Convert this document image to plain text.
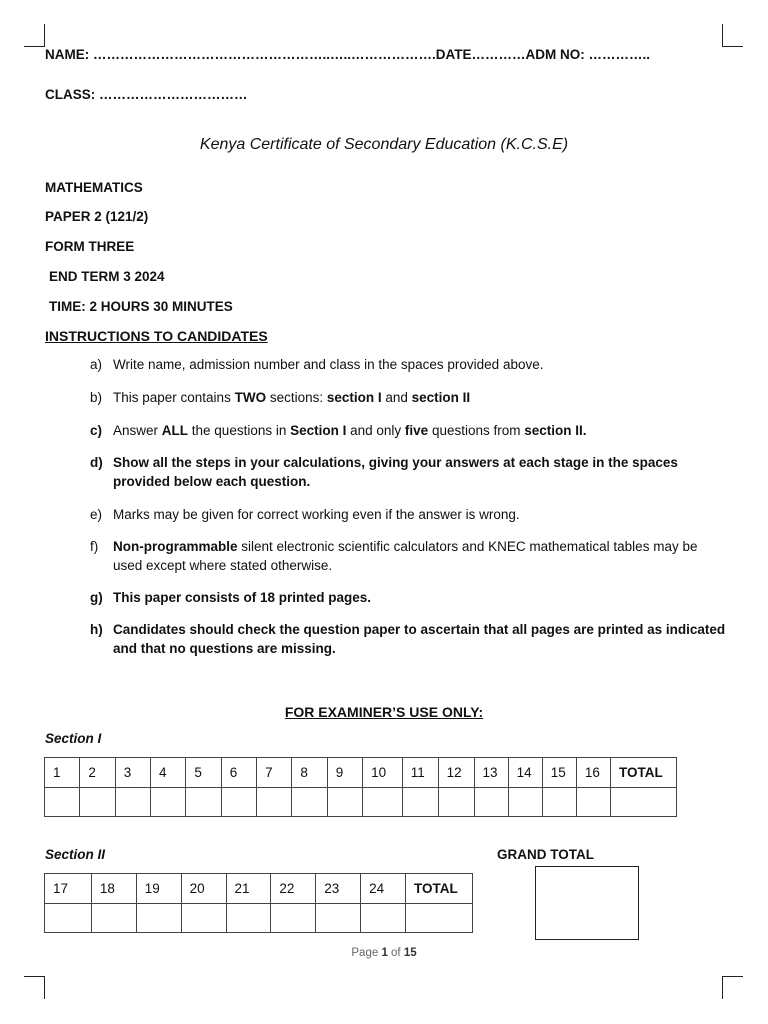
NAME: ……………………………………………..…..……………….DATE…………ADM NO: …………..
CLASS: ……………………………
Kenya Certificate of Secondary Education (K.C.S.E)
MATHEMATICS
PAPER 2 (121/2)
FORM THREE
END TERM 3 2024
TIME: 2 HOURS 30 MINUTES
INSTRUCTIONS TO CANDIDATES
a) Write name, admission number and class in the spaces provided above.
b) This paper contains TWO sections: section I and section II
c) Answer ALL the questions in Section I and only five questions from section II.
d) Show all the steps in your calculations, giving your answers at each stage in the spaces provided below each question.
e) Marks may be given for correct working even if the answer is wrong.
f)	Non-programmable silent electronic scientific calculators and KNEC mathematical tables may be used except where stated otherwise.
g) This paper consists of 18 printed pages.
h) Candidates should check the question paper to ascertain that all pages are printed as indicated and that no questions are missing.
FOR EXAMINER’S USE ONLY:
Section I
1	2	3	4	5	6	7	8	9	10	11	12	13	14	15	16	TOTAL

Section II
17	18	19	20	21	22	23	24	TOTAL

GRAND TOTAL
Page 1 of 15
